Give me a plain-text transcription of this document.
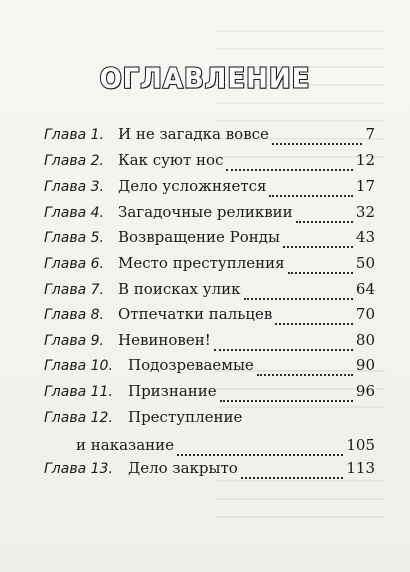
ОГЛАВЛЕНИЕ
Глава 1. И не загадка вовсе	7
Глава 2. Как суют нос	12
Глава 3. Дело усложняется	17
Глава 4. Загадочные реликвии	32
Глава 5. Возвращение Ронды	43
Глава 6. Место преступления	50
Глава 7. В поисках улик	64
Глава 8. Отпечатки пальцев	70
Глава 9. Невиновен!	80
Глава 10. Подозреваемые	90
Глава 11. Признание	96
Глава 12. Преступление
и наказание	105
Глава 13. Дело закрыто	113
